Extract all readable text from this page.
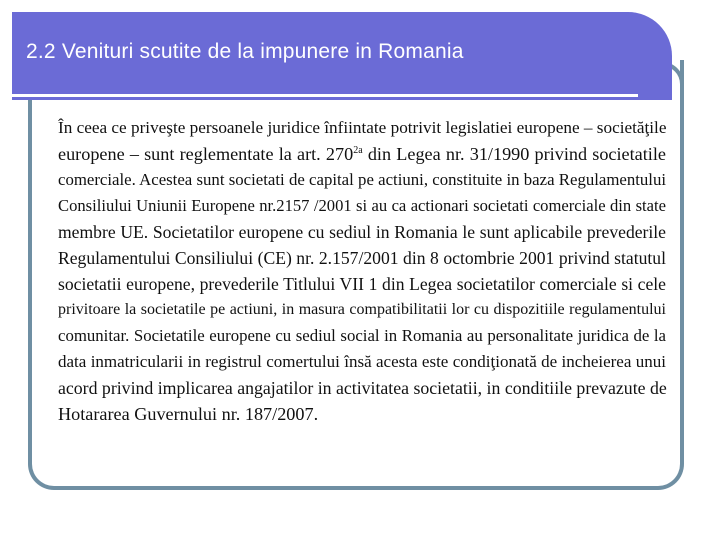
2.2 Venituri scutite de la impunere in Romania
În ceea ce priveşte persoanele juridice înfiintate potrivit legislatiei europene – societăţile
europene – sunt reglementate la art. $270^{2a}$ din Legea nr. 31/1990 privind societatile
comerciale. Acestea sunt societati de capital pe actiuni, constituite in baza Regulamentului
Consiliului Uniunii Europene nr.2157 /2001 si au ca actionari societati comerciale din state
membre UE. Societatilor europene cu sediul in Romania le sunt aplicabile prevederile
Regulamentului Consiliului (CE) nr. 2.157/2001 din 8 octombrie 2001 privind statutul
societatii europene, prevederile Titlului VII 1 din Legea societatilor comerciale si cele
privitoare la societatile pe actiuni, in masura compatibilitatii lor cu dispozitiile regulamentului
comunitar. Societatile europene cu sediul social in Romania au personalitate juridica de la
data inmatricularii in registrul comertului însă acesta este condiţionată de incheierea unui
acord privind implicarea angajatilor in activitatea societatii, in conditiile prevazute de
Hotararea Guvernului nr. 187/2007.
